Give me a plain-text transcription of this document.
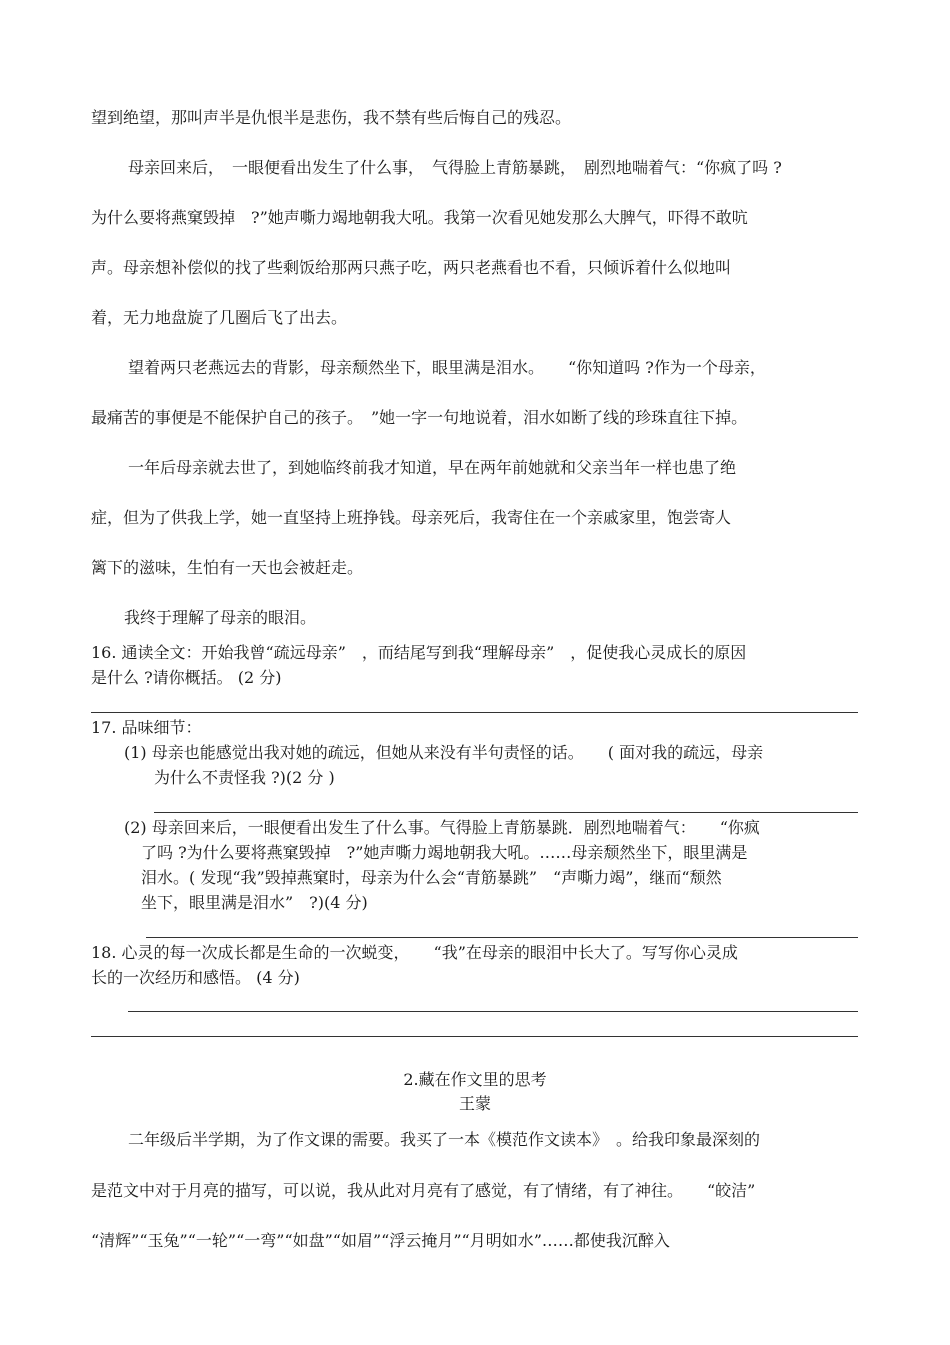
望到绝望，那叫声半是仇恨半是悲伤，我不禁有些后悔自己的残忍。
母亲回来后，　一眼便看出发生了什么事，　气得脸上青筋暴跳，　剧烈地喘着气：“你疯了吗 ?
为什么要将燕窠毁掉　?”她声嘶力竭地朝我大吼。我第一次看见她发那么大脾气，吓得不敢吭
声。母亲想补偿似的找了些剩饭给那两只燕子吃，两只老燕看也不看，只倾诉着什么似地叫
着，无力地盘旋了几圈后飞了出去。
望着两只老燕远去的背影，母亲颓然坐下，眼里满是泪水。　　“你知道吗 ?作为一个母亲，
最痛苦的事便是不能保护自己的孩子。　”她一字一句地说着，泪水如断了线的珍珠直往下掉。
一年后母亲就去世了，到她临终前我才知道，早在两年前她就和父亲当年一样也患了绝
症，但为了供我上学，她一直坚持上班挣钱。母亲死后，我寄住在一个亲戚家里，饱尝寄人
篱下的滋味，生怕有一天也会被赶走。
我终于理解了母亲的眼泪。
16. 通读全文：开始我曾“疏远母亲”　，而结尾写到我“理解母亲”　，促使我心灵成长的原因
是什么 ?请你概括。 (2 分)
17. 品味细节：
(1) 母亲也能感觉出我对她的疏远，但她从来没有半句责怪的话。　　( 面对我的疏远，母亲
为什么不责怪我 ?)(2 分 )
(2) 母亲回来后，一眼便看出发生了什么事。气得脸上青筋暴跳．剧烈地喘着气：　　“你疯
了吗 ?为什么要将燕窠毁掉　?”她声嘶力竭地朝我大吼。……母亲颓然坐下，眼里满是
泪水。( 发现“我”毁掉燕窠时，母亲为什么会“青筋暴跳”　“声嘶力竭”，继而“颓然
坐下，眼里满是泪水”　?)(4 分)
18. 心灵的每一次成长都是生命的一次蜕变，　　“我”在母亲的眼泪中长大了。写写你心灵成
长的一次经历和感悟。 (4 分)
2.藏在作文里的思考
王蒙
二年级后半学期，为了作文课的需要。我买了一本《模范作文读本》　。给我印象最深刻的
是范文中对于月亮的描写，可以说，我从此对月亮有了感觉，有了情绪，有了神往。　　“皎洁”
“清辉”“玉兔”“一轮”“一弯”“如盘”“如眉”“浮云掩月”“月明如水”……都使我沉醉入
